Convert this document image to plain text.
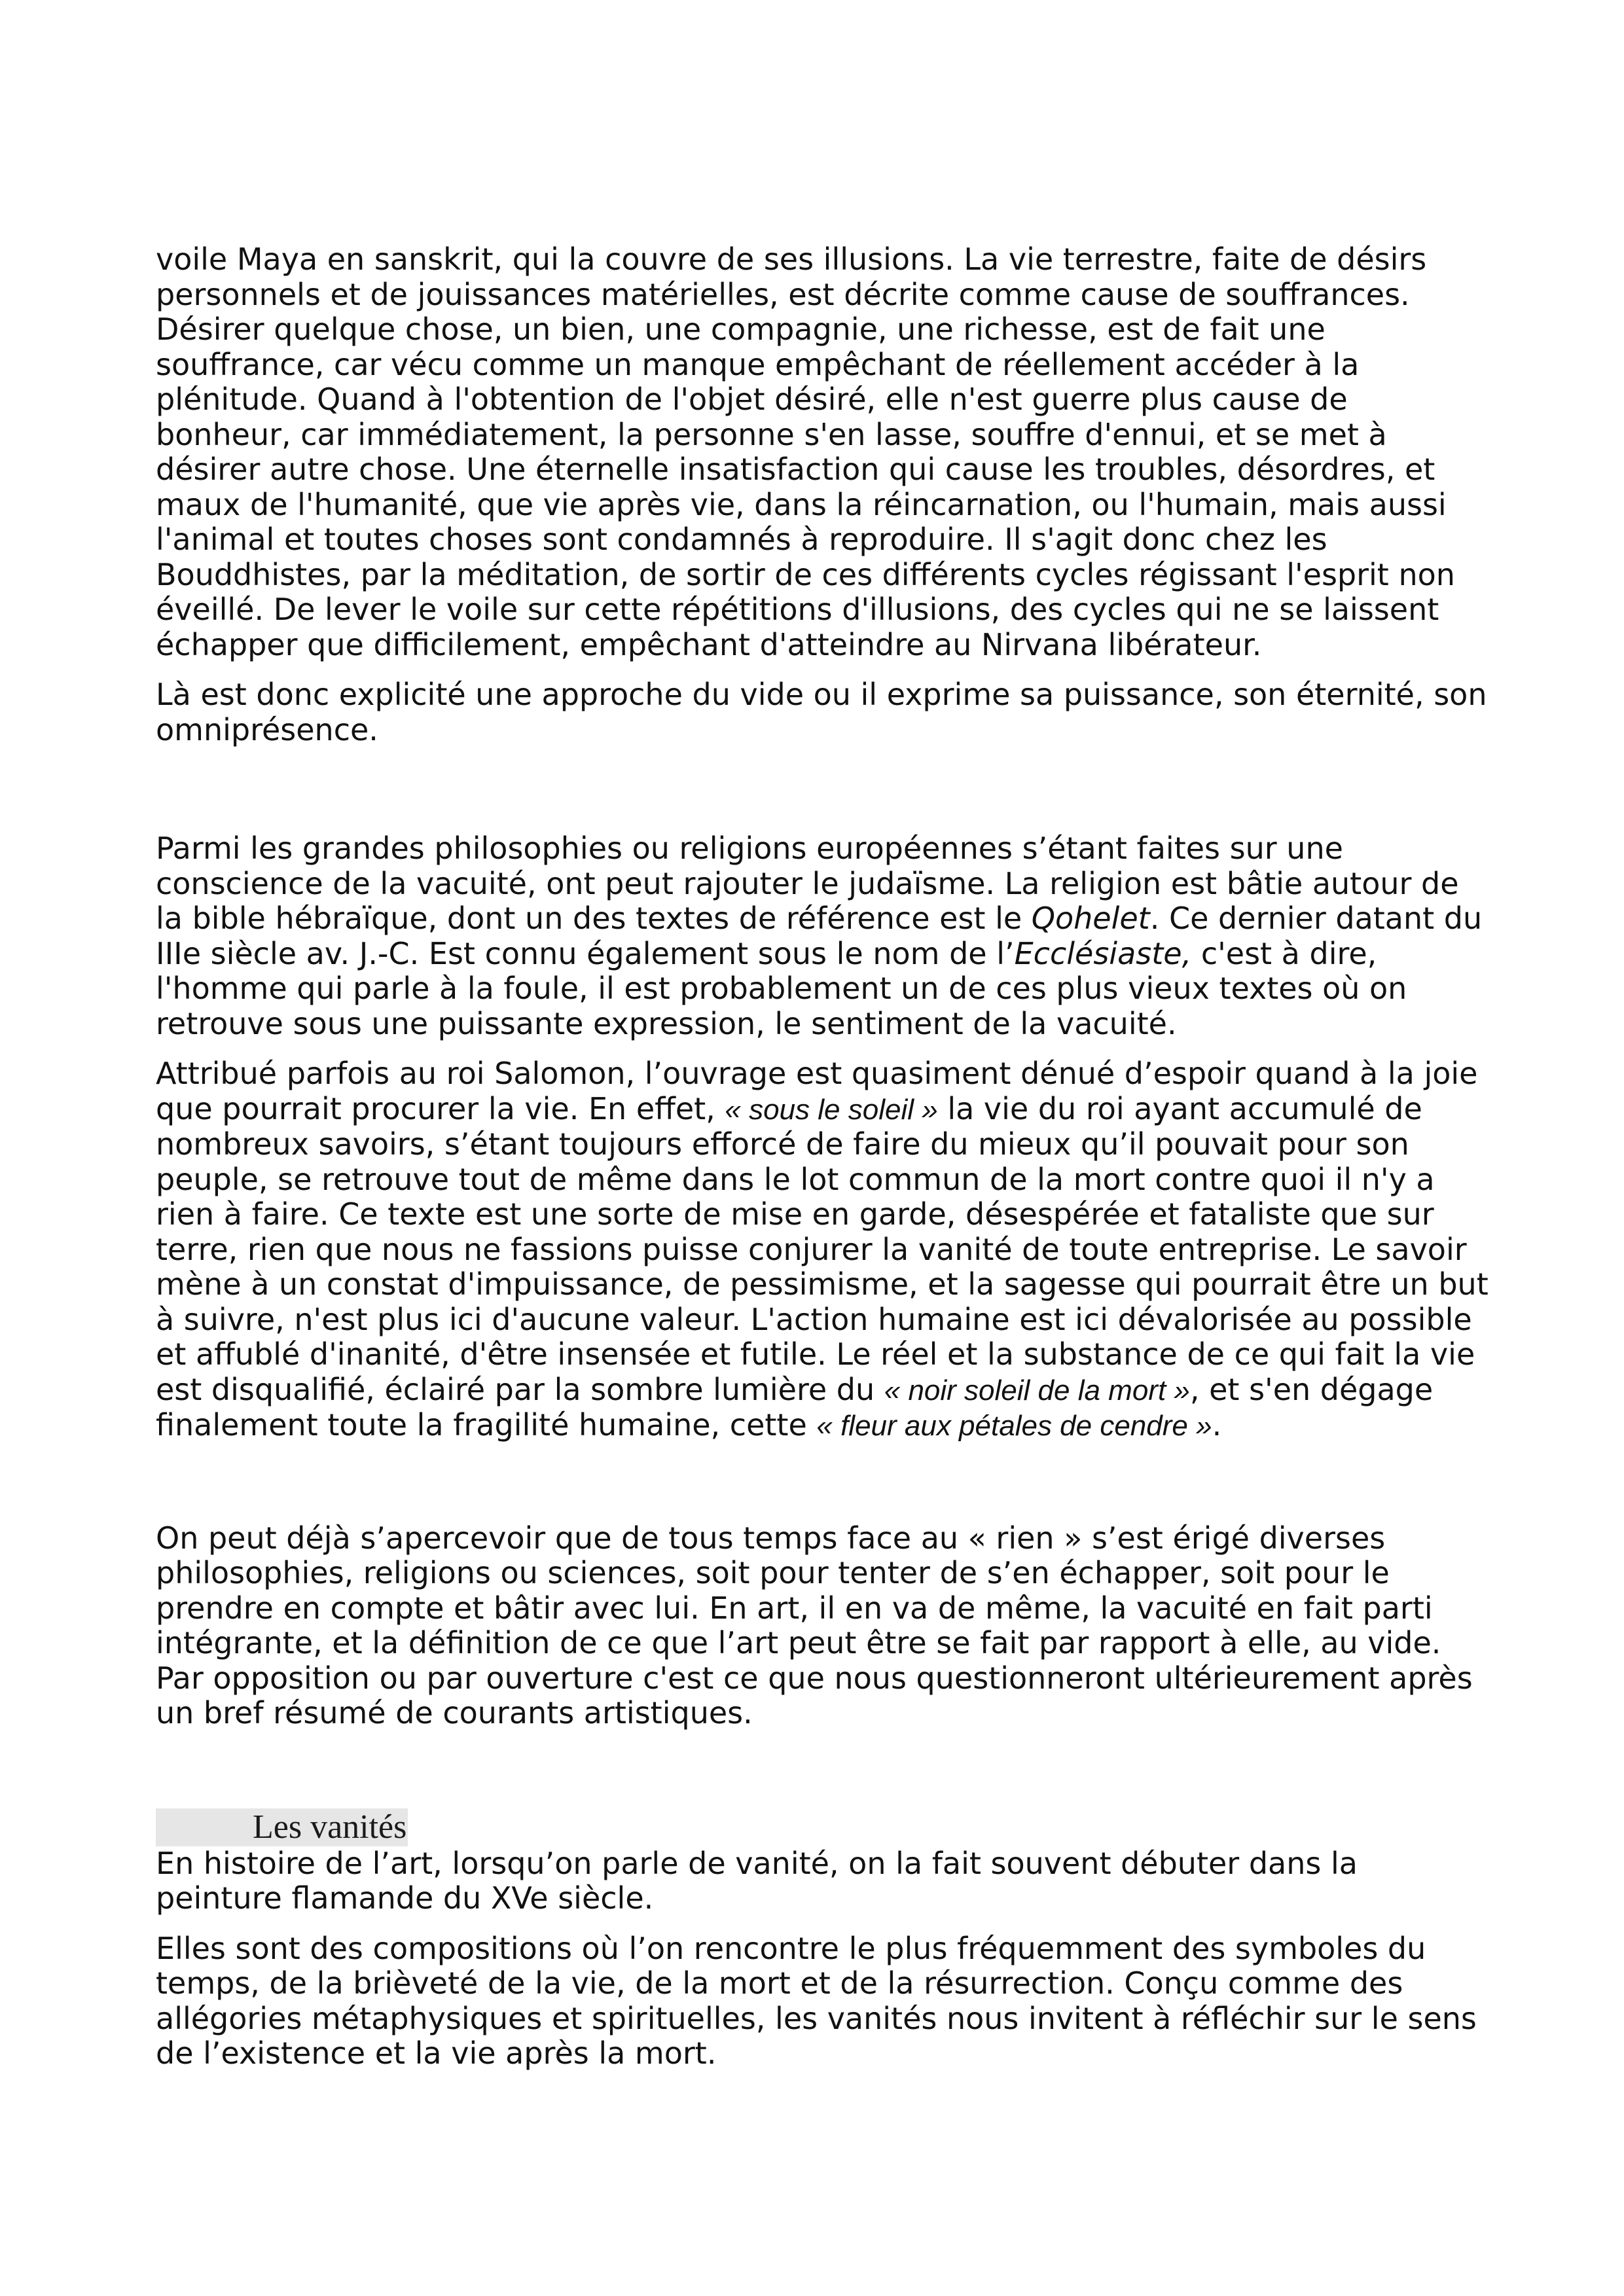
voile Maya en sanskrit, qui la couvre de ses illusions. La vie terrestre, faite de désirs personnels et de jouissances matérielles, est décrite comme cause de souffrances. Désirer quelque chose, un bien, une compagnie, une richesse, est de fait une souffrance, car vécu comme un manque empêchant de réellement accéder à la plénitude. Quand à l'obtention de l'objet désiré, elle n'est guerre plus cause de bonheur, car immédiatement, la personne s'en lasse, souffre d'ennui, et se met à désirer autre chose. Une éternelle insatisfaction qui cause les troubles, désordres, et maux de l'humanité, que vie après vie, dans la réincarnation, ou l'humain, mais aussi l'animal et toutes choses sont condamnés à reproduire. Il s'agit donc chez les Bouddhistes, par la méditation, de sortir de ces différents cycles régissant l'esprit non éveillé. De lever le voile sur cette répétitions d'illusions, des cycles qui ne se laissent échapper que difficilement, empêchant d'atteindre au Nirvana libérateur.

Là est donc explicité une approche du vide ou il exprime sa puissance, son éternité, son omniprésence.

Parmi les grandes philosophies ou religions européennes s’étant faites sur une conscience de la vacuité, ont peut rajouter le judaïsme. La religion est bâtie autour de la bible hébraïque, dont un des textes de référence est le Qohelet. Ce dernier datant du IIIe siècle av. J.-C. Est connu également sous le nom de l’Ecclésiaste, c'est à dire, l'homme qui parle à la foule, il est probablement un de ces plus vieux textes où on retrouve sous une puissante expression, le sentiment de la vacuité.

Attribué parfois au roi Salomon, l’ouvrage est quasiment dénué d’espoir quand à la joie que pourrait procurer la vie. En effet, « sous le soleil » la vie du roi ayant accumulé de nombreux savoirs, s’étant toujours efforcé de faire du mieux qu’il pouvait pour son peuple, se retrouve tout de même dans le lot commun de la mort contre quoi il n'y a rien à faire. Ce texte est une sorte de mise en garde, désespérée et fataliste que sur terre, rien que nous ne fassions puisse conjurer la vanité de toute entreprise. Le savoir mène à un constat d'impuissance, de pessimisme, et la sagesse qui pourrait être un but à suivre, n'est plus ici d'aucune valeur. L'action humaine est ici dévalorisée au possible et affublé d'inanité, d'être insensée et futile. Le réel et la substance de ce qui fait la vie est disqualifié, éclairé par la sombre lumière du « noir soleil de la mort », et s'en dégage finalement toute la fragilité humaine, cette « fleur aux pétales de cendre ».

On peut déjà s’apercevoir que de tous temps face au « rien » s’est érigé diverses philosophies, religions ou sciences, soit pour tenter de s’en échapper, soit pour le prendre en compte et bâtir avec lui. En art, il en va de même, la vacuité en fait parti intégrante, et la définition de ce que l’art peut être se fait par rapport à elle, au vide. Par opposition ou par ouverture c'est ce que nous questionneront ultérieurement après un bref résumé de courants artistiques.

Les vanités

En histoire de l’art, lorsqu’on parle de vanité, on la fait souvent débuter dans la peinture flamande du XVe siècle.

Elles sont des compositions où l’on rencontre le plus fréquemment des symboles du temps, de la brièveté de la vie, de la mort et de la résurrection. Conçu comme des allégories métaphysiques et spirituelles, les vanités nous invitent à réfléchir sur le sens de l’existence et la vie après la mort.
